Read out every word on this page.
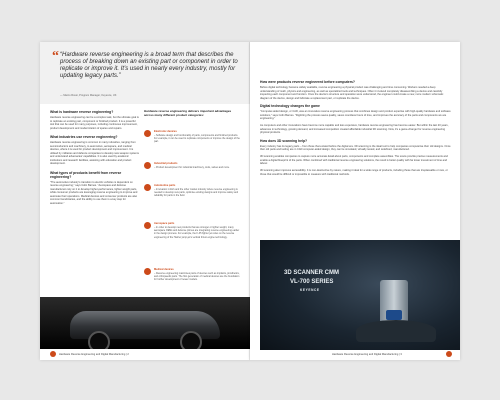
“ “Hardware reverse engineering is a broad term that describes the process of breaking down an existing part or component in order to replicate or improve it. It’s used in nearly every industry, mostly for updating legacy parts.”
— Marco Rossi, Program Manager, Keyence, UK
What is hardware reverse engineering?
Hardware reverse engineering can be a complex task, but the ultimate goal is to replicate an existing part, component or finished product. It is a powerful tool that can be used for many purposes, including continuous improvement, product development and modernization of spares and repairs.
What industries use reverse engineering?
Hardware reverse engineering is common in many industries, ranging from semiconductors and machinery, to automotive, aerospace, and medical devices, where it is used for product development and improvement. It is utilised by militaries and defence companies to develop new weapon systems and understand adversaries' capabilities. It is also used by academic institutions and research facilities, assisting with education and product development.
What types of products benefit from reverse engineering?
"The automotive industry's transition to electric vehicles is dependent on reverse engineering," says Colin Barnes. "Aerospace and defense manufacturers rely on it to develop higher-performance, lighter weight parts, while consumer products are leveraging reverse engineering to improve and automate their operations. Medical devices and consumer products are also common beneficiaries, and the ability to use them is a key step for automation."
Hardware reverse engineering delivers important advantages across many different product categories:
Electronic devices
– Software design and functionality of parts, components and finished products. For example, it can be used to replicate components or improve the design of the part.
Industrial products
– Product development for industrial machinery, tools, valves and more.
Automotive parts
– Innovation in EVs and the other market industry where reverse engineering is needed to develop new parts, optimise existing designs and improve safety and reliability for parts in the field.
Aerospace parts
– In order to develop new products that are stronger or lighter weight, many aerospace OEMs and defense primes are integrating reverse engineering earlier in the design process. For example, the F-35 fighter jet relies on the reverse engineering of the Harrier jump-jet's vertical thrust engine technology.
Medical devices
– Reverse engineering maximises parts of devices such as implants, prosthetics, and orthopaedic parts. The first generation of medical devices are the foundation for further development of newer models.
Hardware Reverse Engineering and Digital Manufacturing | 2
How were products reverse engineered before computers?
Before digital technology became widely available, reverse engineering a physical product was challenging and time consuming. Workers needed a deep understanding of math, physics and engineering, as well as specialized tools and techniques. Often it involved completely disassembling a device and carefully inspecting each component and function. Once the device's structure and operation were understood, the engineer could create a new, more modern schematic diagram of the device, design and fabricate a replacement part, or replicate the device.
Digital technology changes the game
"Computer-aided design, or CAD, was an innovative reverse engineering process that combines design and product expertise with high-quality hardware and software solutions," says Colin Barnes. "Digitizing the process saves quality, saves countless hours of time, and improves the accuracy of the parts and components we are engineering."

As computers and other innovations have become more capable and less expensive, hardware reverse engineering has become easier. But within the last 20 years, advances in technology, growing demand, and increased competition created affordable industrial 3D scanning. Now, it's a game-changer for reverse engineering physical products.
How does 3D scanning help?
Every industry has its legacy parts – from those that existed before the digital era. 3D scanning is the ideal tool to help companies computerise their old designs. Once their old parts and tooling are in CAD computer-aided design, they can be simulated, virtually tested, and redefined, manufactured.

3D scanning enables companies to capture more accurate detail about parts, components and complete assemblies. The scans provide precise measurements and enable a digital blueprint of the parts. When combined with traditional reverse engineering solutions, the result is better quality with far lower investment of time and labour.

3D scanning also improves accessibility. It is non-destructive by nature, making it ideal for a wide range of products, including those that are irreplaceable or rare, or those that would be difficult or impossible to measure with traditional methods.
3D SCANNER CMM
VL-700 SERIES
KEYENCE
Hardware Reverse Engineering and Digital Manufacturing | 3
